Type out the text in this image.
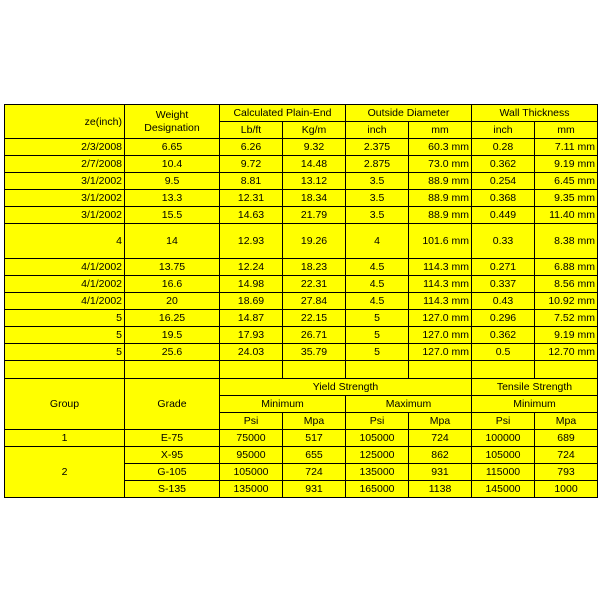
ze(inch)	Weight Designation	Calculated Plain-End		Outside Diameter		Wall Thickness	
		Lb/ft	Kg/m	inch	mm	inch	mm
2/3/2008	6.65	6.26	9.32	2.375	60.3 mm	0.28	7.11 mm
2/7/2008	10.4	9.72	14.48	2.875	73.0 mm	0.362	9.19 mm
3/1/2002	9.5	8.81	13.12	3.5	88.9 mm	0.254	6.45 mm
3/1/2002	13.3	12.31	18.34	3.5	88.9 mm	0.368	9.35 mm
3/1/2002	15.5	14.63	21.79	3.5	88.9 mm	0.449	11.40 mm
4	14	12.93	19.26	4	101.6 mm	0.33	8.38 mm
4/1/2002	13.75	12.24	18.23	4.5	114.3 mm	0.271	6.88 mm
4/1/2002	16.6	14.98	22.31	4.5	114.3 mm	0.337	8.56 mm
4/1/2002	20	18.69	27.84	4.5	114.3 mm	0.43	10.92 mm
5	16.25	14.87	22.15	5	127.0 mm	0.296	7.52 mm
5	19.5	17.93	26.71	5	127.0 mm	0.362	9.19 mm
5	25.6	24.03	35.79	5	127.0 mm	0.5	12.70 mm

Group	Grade	Yield Strength				Tensile Strength	
		Minimum		Maximum		Minimum	
		Psi	Mpa	Psi	Mpa	Psi	Mpa
1	E-75	75000	517	105000	724	100000	689
2	X-95	95000	655	125000	862	105000	724
	G-105	105000	724	135000	931	115000	793
	S-135	135000	931	165000	1138	145000	1000
